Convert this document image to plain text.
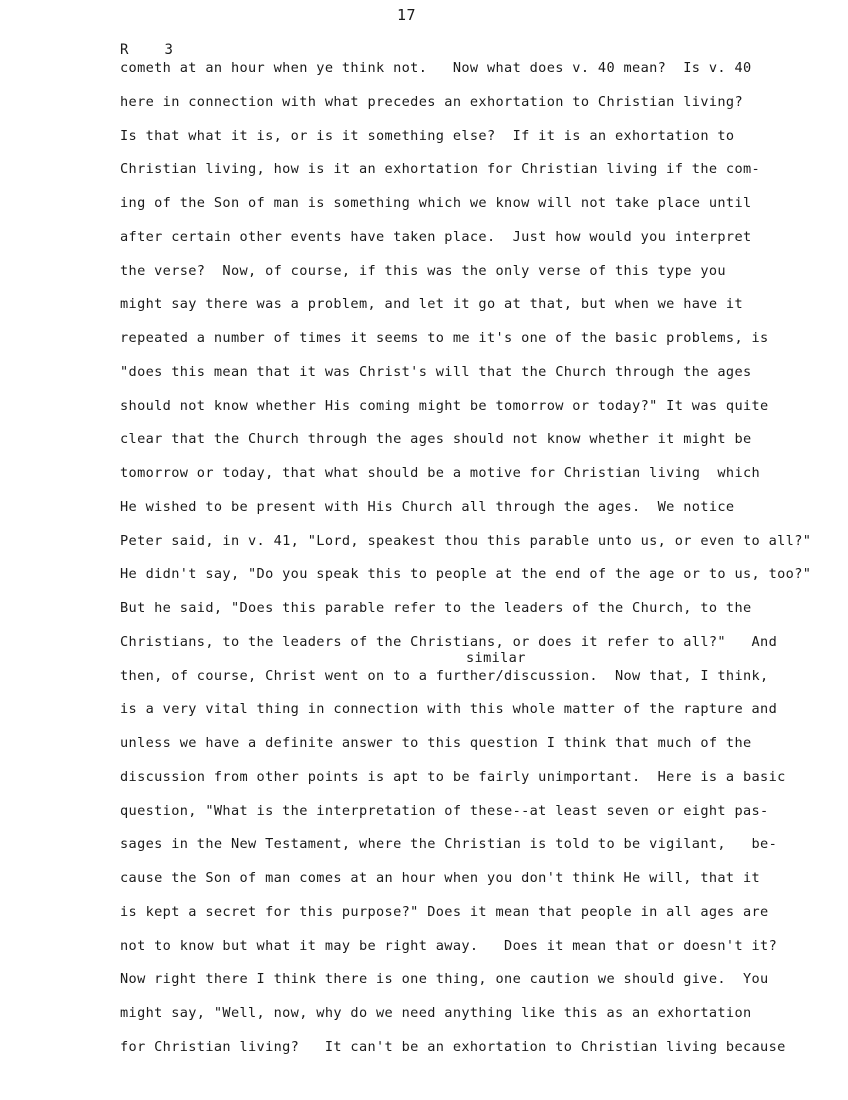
17
R	3
similar
cometh at an hour when ye think not.   Now what does v. 40 mean?  Is v. 40
here in connection with what precedes an exhortation to Christian living?
Is that what it is, or is it something else?  If it is an exhortation to
Christian living, how is it an exhortation for Christian living if the com-
ing of the Son of man is something which we know will not take place until
after certain other events have taken place.  Just how would you interpret
the verse?  Now, of course, if this was the only verse of this type you
might say there was a problem, and let it go at that, but when we have it
repeated a number of times it seems to me it's one of the basic problems, is
"does this mean that it was Christ's will that the Church through the ages
should not know whether His coming might be tomorrow or today?" It was quite
clear that the Church through the ages should not know whether it might be
tomorrow or today, that what should be a motive for Christian living  which
He wished to be present with His Church all through the ages.  We notice
Peter said, in v. 41, "Lord, speakest thou this parable unto us, or even to all?"
He didn't say, "Do you speak this to people at the end of the age or to us, too?"
But he said, "Does this parable refer to the leaders of the Church, to the
Christians, to the leaders of the Christians, or does it refer to all?"   And
then, of course, Christ went on to a further/discussion.  Now that, I think,
is a very vital thing in connection with this whole matter of the rapture and
unless we have a definite answer to this question I think that much of the
discussion from other points is apt to be fairly unimportant.  Here is a basic
question, "What is the interpretation of these--at least seven or eight pas-
sages in the New Testament, where the Christian is told to be vigilant,   be-
cause the Son of man comes at an hour when you don't think He will, that it
is kept a secret for this purpose?" Does it mean that people in all ages are
not to know but what it may be right away.   Does it mean that or doesn't it?
Now right there I think there is one thing, one caution we should give.  You
might say, "Well, now, why do we need anything like this as an exhortation
for Christian living?   It can't be an exhortation to Christian living because
